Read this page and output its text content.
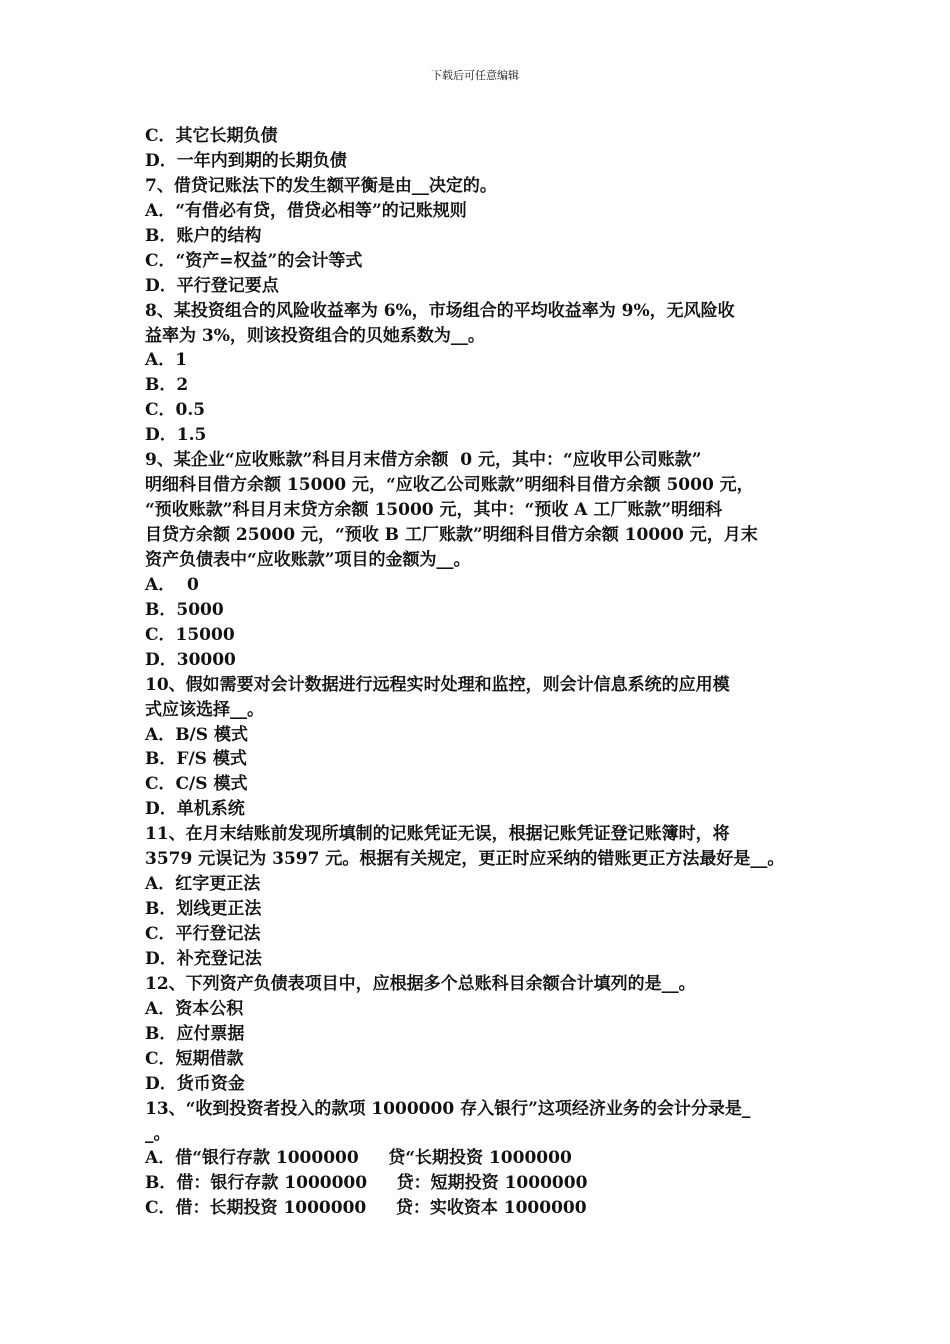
下载后可任意编辑
C．其它长期负债
D．一年内到期的长期负债
7、借贷记账法下的发生额平衡是由__决定的。
A．“有借必有贷，借贷必相等”的记账规则
B．账户的结构
C．“资产=权益”的会计等式
D．平行登记要点
8、某投资组合的风险收益率为 6%，市场组合的平均收益率为 9%，无风险收
益率为 3%，则该投资组合的贝她系数为__。
A．1
B．2
C．0.5
D．1.5
9、某企业“应收账款”科目月末借方余额  0 元，其中：“应收甲公司账款”
明细科目借方余额 15000 元，“应收乙公司账款”明细科目借方余额 5000 元，
“预收账款”科目月末贷方余额 15000 元，其中：“预收 A 工厂账款”明细科
目贷方余额 25000 元，“预收 B 工厂账款”明细科目借方余额 10000 元，月末
资产负债表中“应收账款”项目的金额为__。
A．  0
B．5000
C．15000
D．30000
10、假如需要对会计数据进行远程实时处理和监控，则会计信息系统的应用模
式应该选择__。
A．B/S 模式
B．F/S 模式
C．C/S 模式
D．单机系统
11、在月末结账前发现所填制的记账凭证无误，根据记账凭证登记账簿时，将
3579 元误记为 3597 元。根据有关规定，更正时应采纳的错账更正方法最好是__。
A．红字更正法
B．划线更正法
C．平行登记法
D．补充登记法
12、下列资产负债表项目中，应根据多个总账科目余额合计填列的是__。
A．资本公积
B．应付票据
C．短期借款
D．货币资金
13、“收到投资者投入的款项 1000000 存入银行”这项经济业务的会计分录是_
_。
A．借“银行存款 1000000     贷“长期投资 1000000
B．借：银行存款 1000000     贷：短期投资 1000000
C．借：长期投资 1000000     贷：实收资本 1000000
